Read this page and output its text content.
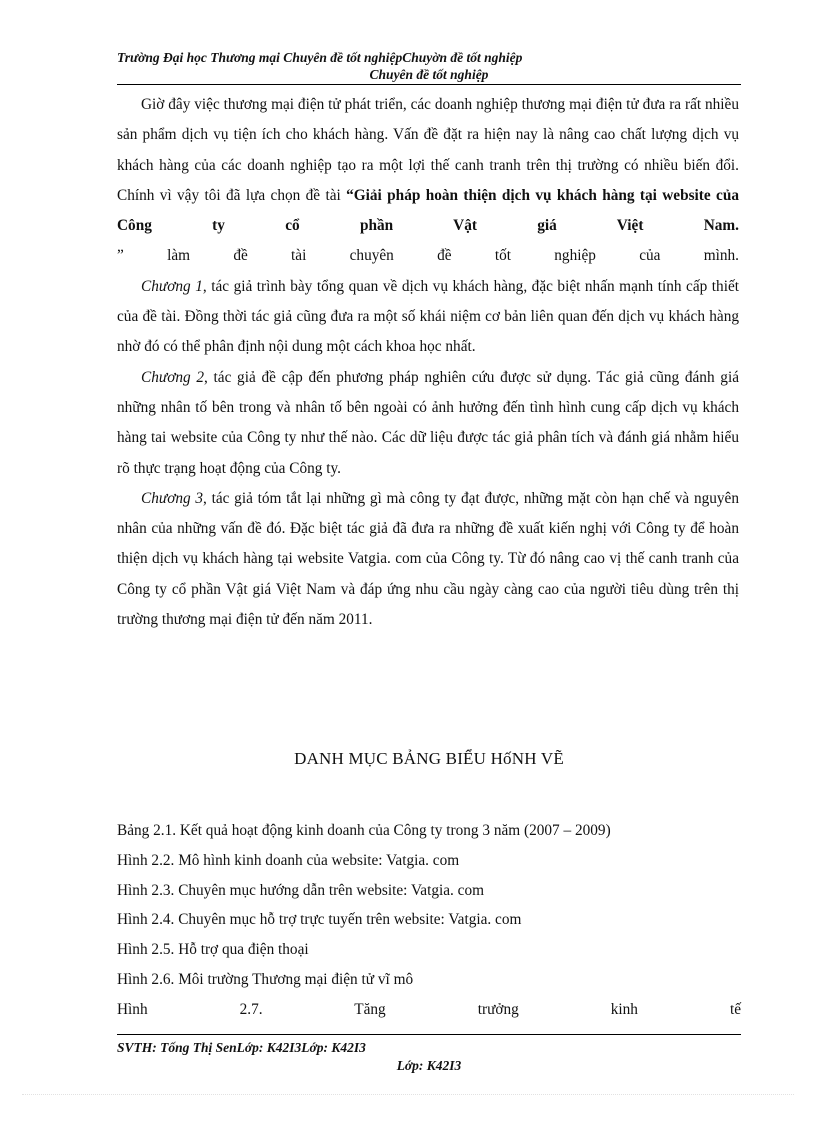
Trường Đại học Thương mại Chuyên đề tốt nghiệpChuyờn đề tốt nghiệp
Chuyên đề tốt nghiệp

Giờ đây việc thương mại điện tử phát triển, các doanh nghiệp thương mại điện tử đưa ra rất nhiều sản phẩm dịch vụ tiện ích cho khách hàng. Vấn đề đặt ra hiện nay là nâng cao chất lượng dịch vụ khách hàng của các doanh nghiệp tạo ra một lợi thế canh tranh trên thị trường có nhiều biến đổi. Chính vì vậy tôi đã lựa chọn đề tài “Giải pháp hoàn thiện dịch vụ khách hàng tại website của Công ty cổ phần Vật giá Việt Nam.

” làm đề tài chuyên đề tốt nghiệp của mình.

Chương 1, tác giả trình bày tổng quan về dịch vụ khách hàng, đặc biệt nhấn mạnh tính cấp thiết của đề tài. Đồng thời tác giả cũng đưa ra một số khái niệm cơ bản liên quan đến dịch vụ khách hàng nhờ đó có thể phân định nội dung một cách khoa học nhất.

Chương 2, tác giả đề cập đến phương pháp nghiên cứu được sử dụng. Tác giả cũng đánh giá những nhân tố bên trong và nhân tố bên ngoài có ảnh hưởng đến tình hình cung cấp dịch vụ khách hàng tai website của Công ty như thế nào. Các dữ liệu được tác giả phân tích và đánh giá nhằm hiểu rõ thực trạng hoạt động của Công ty.

Chương 3, tác giả tóm tắt lại những gì mà công ty đạt được, những mặt còn hạn chế và nguyên nhân của những vấn đề đó. Đặc biệt tác giả đã đưa ra những đề xuất kiến nghị với Công ty để hoàn thiện dịch vụ khách hàng tại website Vatgia. com của Công ty. Từ đó nâng cao vị thế canh tranh của Công ty cổ phần Vật giá Việt Nam và đáp ứng nhu cầu ngày càng cao của người tiêu dùng trên thị trường thương mại điện tử đến năm 2011.

DANH MỤC BẢNG BIỂU HốNH VẼ
Bảng 2.1. Kết quả hoạt động kinh doanh của Công ty trong 3 năm (2007 – 2009)
Hình 2.2. Mô hình kinh doanh của website: Vatgia. com
Hình 2.3. Chuyên mục hướng dẫn trên website: Vatgia. com
Hình 2.4. Chuyên mục hỗ trợ trực tuyến trên website: Vatgia. com
Hình 2.5. Hỗ trợ qua điện thoại
Hình 2.6. Môi trường Thương mại điện tử vĩ mô
Hình 2.7. Tăng trưởng kinh tế
SVTH: Tống Thị SenLớp: K42I3Lớp: K42I3
Lớp: K42I3
